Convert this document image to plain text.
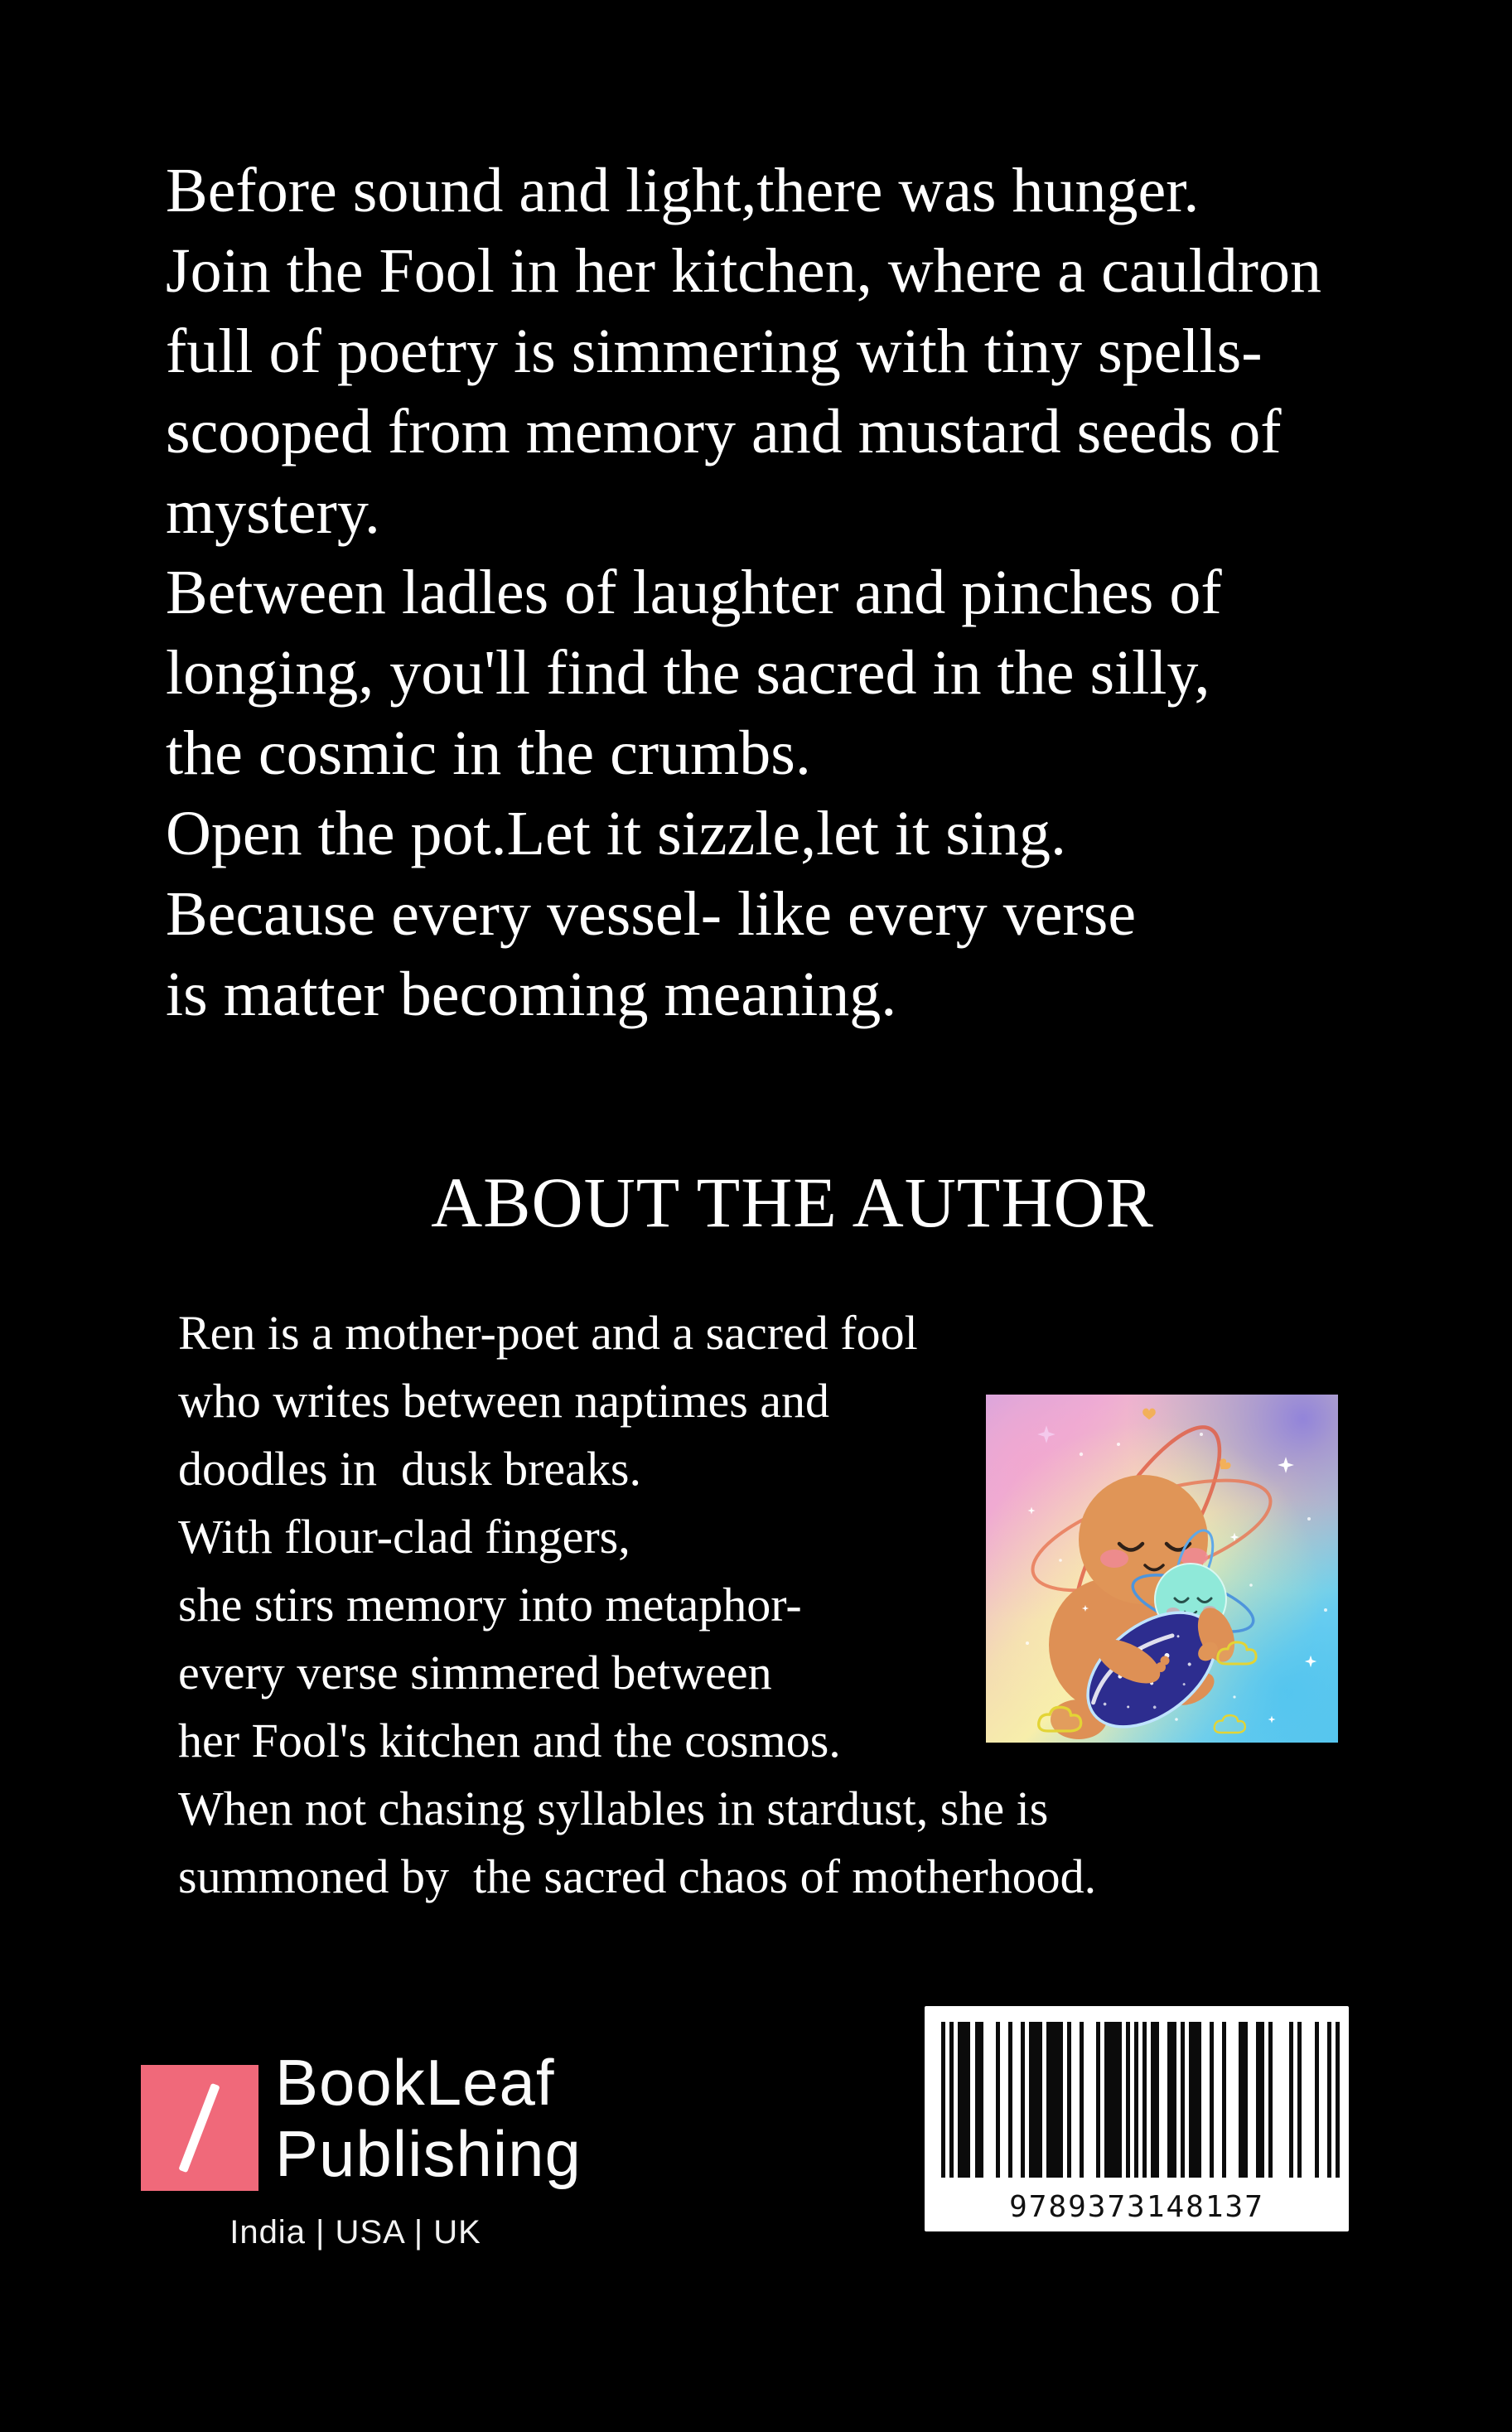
Before sound and light,there was hunger.
Join the Fool in her kitchen, where a cauldron
full of poetry is simmering with tiny spells-
scooped from memory and mustard seeds of
mystery.
Between ladles of laughter and pinches of
longing, you'll find the sacred in the silly,
the cosmic in the crumbs.
Open the pot.Let it sizzle,let it sing.
Because every vessel- like every verse
is matter becoming meaning.
ABOUT THE AUTHOR
Ren is a mother-poet and a sacred fool
who writes between naptimes and
doodles in  dusk breaks.
With flour-clad fingers,
she stirs memory into metaphor-
every verse simmered between
her Fool's kitchen and the cosmos.
When not chasing syllables in stardust, she is
summoned by  the sacred chaos of motherhood.
BookLeaf
Publishing
India | USA | UK
9789373148137
